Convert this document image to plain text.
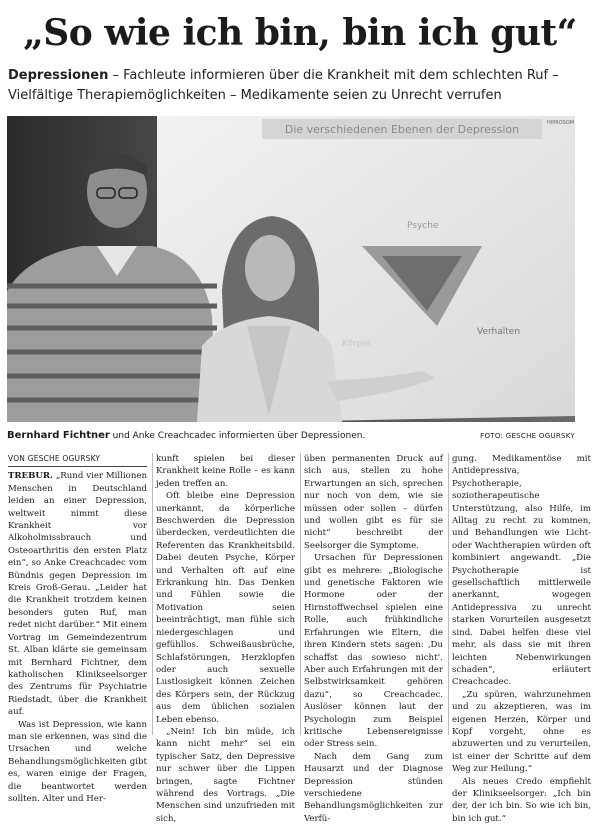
„So wie ich bin, bin ich gut“
Depressionen – Fachleute informieren über die Krankheit mit dem schlechten Ruf – Vielfältige Therapiemöglichkeiten – Medikamente seien zu Unrecht verrufen
Die verschiedenen Ebenen der Depression	HIPROSOM
Psyche
Verhalten
Körper
Bernhard Fichtner und Anke Creachcadec informierten über Depressionen.	FOTO: GESCHE OGURSKY
VON GESCHE OGURSKY

TREBUR. „Rund vier Millionen Menschen in Deutschland leiden an einer Depression, weltweit nimmt diese Krankheit vor Alkoholmissbrauch und Osteoarthritis den ersten Platz ein“, so Anke Creachcadec vom Bündnis gegen Depression im Kreis Groß-Gerau. „Leider hat die Krankheit trotzdem keinen besonders guten Ruf, man redet nicht darüber.“ Mit einem Vortrag im Gemeindezentrum St. Alban klärte sie gemeinsam mit Bernhard Fichtner, dem katholischen Klinikseelsorger des Zentrums für Psychiatrie Riedstadt, über die Krankheit auf.

Was ist Depression, wie kann man sie erkennen, was sind die Ursachen und welche Behandlungsmöglichkeiten gibt es, waren einige der Fragen, die beantwortet werden sollten. Alter und Her-

kunft spielen bei dieser Krankheit keine Rolle – es kann jeden treffen an.

Oft bleibe eine Depression unerkannt, da körperliche Beschwerden die Depression überdecken, verdeutlichten die Referenten das Krankheitsbild. Dabei deuten Psyche, Körper und Verhalten oft auf eine Erkrankung hin. Das Denken und Fühlen sowie die Motivation seien beeinträchtigt, man fühle sich niedergeschlagen und gefühllos. Schweißausbrüche, Schlafstörungen, Herzklopfen oder auch sexuelle Lustlosigkeit können Zeichen des Körpers sein, der Rückzug aus dem üblichen sozialen Leben ebenso.

„Nein! Ich bin müde, ich kann nicht mehr“ sei ein typischer Satz, den Depressive nur schwer über die Lippen bringen, sagte Fichtner während des Vortrags. „Die Menschen sind unzufrieden mit sich,

üben permanenten Druck auf sich aus, stellen zu hohe Erwartungen an sich, sprechen nur noch von dem, wie sie müssen oder sollen – dürfen und wollen gibt es für sie nicht“ beschreibt der Seelsorger die Symptome.

Ursachen für Depressionen gibt es mehrere: „Biologische und genetische Faktoren wie Hormone oder der Hirnstoffwechsel spielen eine Rolle, auch frühkindliche Erfahrungen wie Eltern, die ihren Kindern stets sagen: ‚Du schaffst das sowieso nicht‘. Aber auch Erfahrungen mit der Selbstwirksamkeit gehören dazu“, so Creachcadec. Auslöser können laut der Psychologin zum Beispiel kritische Lebensereignisse oder Stress sein.

Nach dem Gang zum Hausarzt und der Diagnose Depression stünden verschiedene Behandlungsmöglichkeiten zur Verfü-

gung. Medikamentöse mit Antidepressiva, Psychotherapie, soziotherapeutische Unterstützung, also Hilfe, im Alltag zu recht zu kommen, und Behandlungen wie Licht- oder Wachtherapien würden oft kombiniert angewandt. „Die Psychotherapie ist gesellschaftlich mittlerweile anerkannt, wogegen Antidepressiva zu unrecht starken Vorurteilen ausgesetzt sind. Dabei helfen diese viel mehr, als dass sie mit ihren leichten Nebenwirkungen schaden“, erläutert Creachcadec.

„Zu spüren, wahrzunehmen und zu akzeptieren, was im eigenen Herzen, Körper und Kopf vorgeht, ohne es abzuwerten und zu verurteilen, ist einer der Schritte auf dem Weg zur Heilung.“

Als neues Credo empfiehlt der Klinikseelsorger: „Ich bin der, der ich bin. So wie ich bin, bin ich gut.“
